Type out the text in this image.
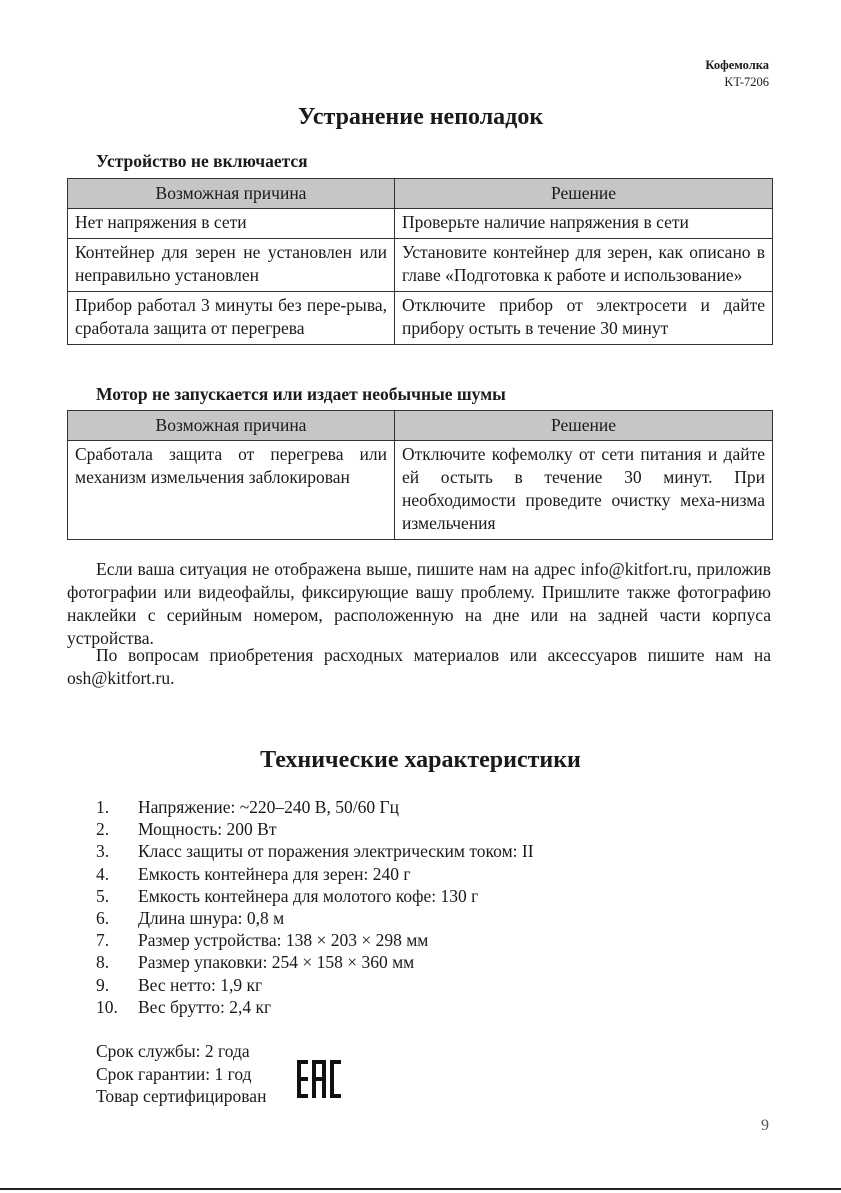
Кофемолка
KT-7206
Устранение неполадок
Устройство не включается
Возможная причина	Решение
Нет напряжения в сети	Проверьте наличие напряжения в сети
Контейнер для зерен не установлен или неправильно установлен	Установите контейнер для зерен, как описано в главе «Подготовка к работе и использование»
Прибор работал 3 минуты без пере-рыва, сработала защита от перегрева	Отключите прибор от электросети и дайте прибору остыть в течение 30 минут
Мотор не запускается или издает необычные шумы
Возможная причина	Решение
Сработала защита от перегрева или механизм измельчения заблокирован	Отключите кофемолку от сети питания и дайте ей остыть в течение 30 минут. При необходимости проведите очистку меха-низма измельчения

Если ваша ситуация не отображена выше, пишите нам на адрес info@kitfort.ru, приложив фотографии или видеофайлы, фиксирующие вашу проблему. Пришлите также фотографию наклейки с серийным номером, расположенную на дне или на задней части корпуса устройства.

По вопросам приобретения расходных материалов или аксессуаров пишите нам на osh@kitfort.ru.

Технические характеристики
1.	Напряжение: ~220–240 В, 50/60 Гц
2.	Мощность: 200 Вт
3.	Класс защиты от поражения электрическим током: II
4.	Емкость контейнера для зерен: 240 г
5.	Емкость контейнера для молотого кофе: 130 г
6.	Длина шнура: 0,8 м
7.	Размер устройства: 138 × 203 × 298 мм
8.	Размер упаковки: 254 × 158 × 360 мм
9.	Вес нетто: 1,9 кг
10.	Вес брутто: 2,4 кг
Срок службы: 2 года
Срок гарантии: 1 год
Товар сертифицирован
9
